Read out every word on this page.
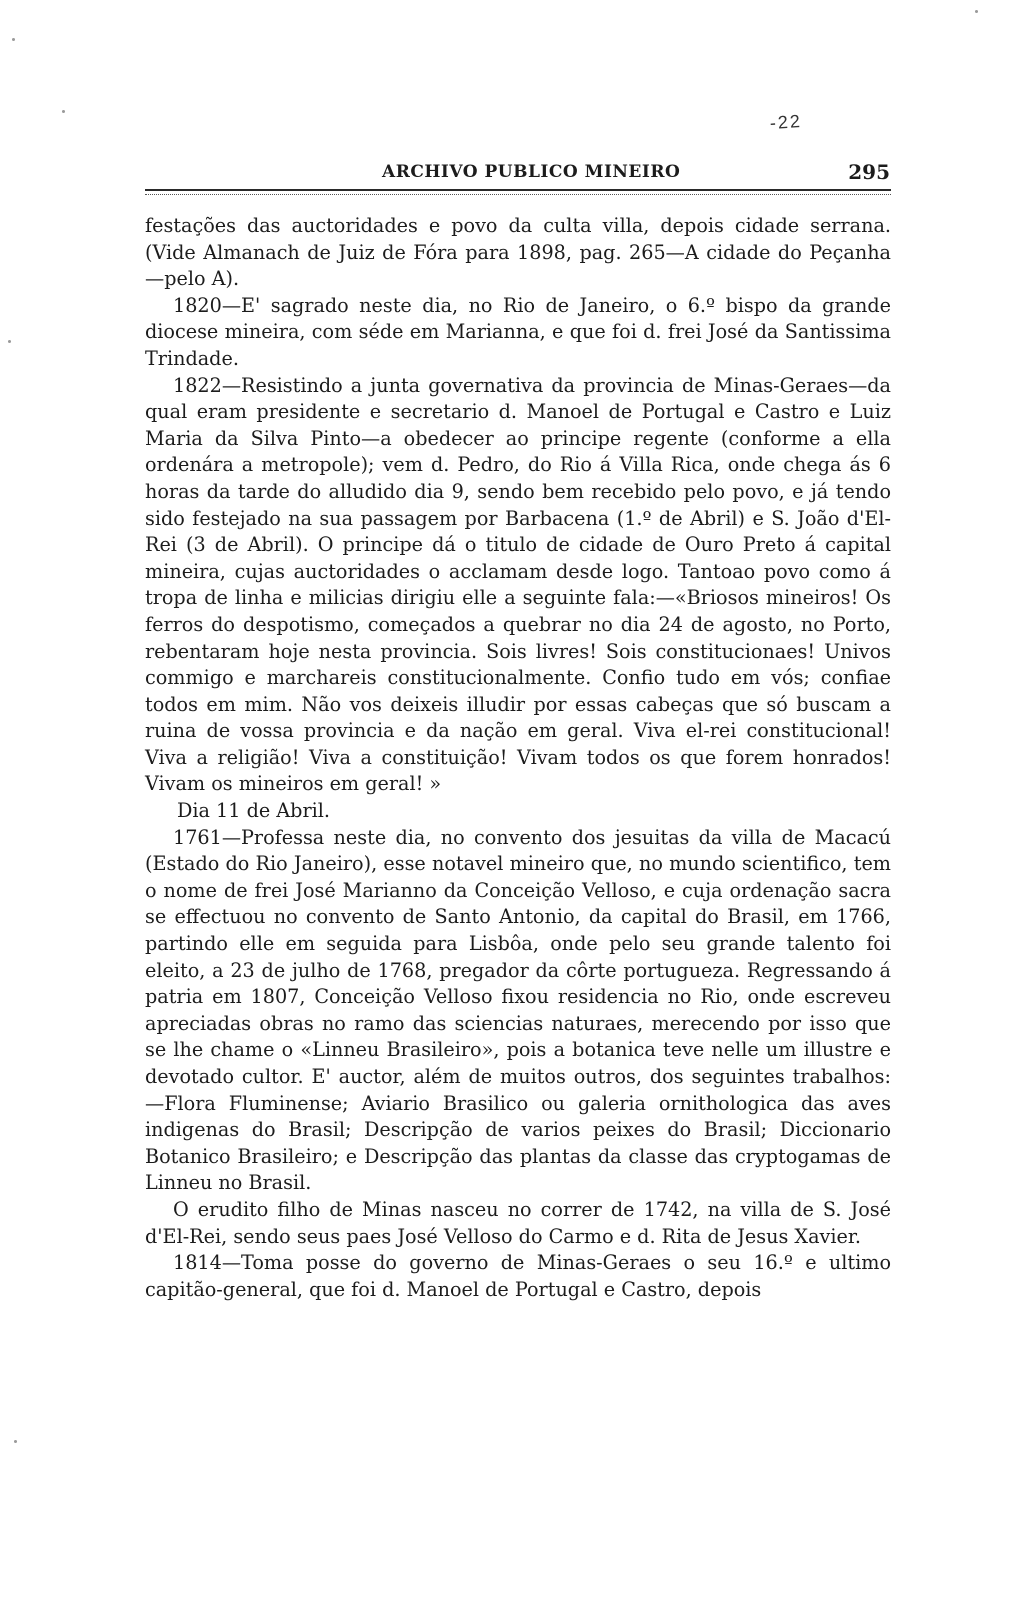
-22
ARCHIVO PUBLICO MINEIRO	295

festações das auctoridades e povo da culta villa, depois cidade serrana. (Vide Almanach de Juiz de Fóra para 1898, pag. 265—A cidade do Peçanha—pelo A).

1820—E' sagrado neste dia, no Rio de Janeiro, o 6.º bispo da grande diocese mineira, com séde em Marianna, e que foi d. frei José da Santissima Trindade.

1822—Resistindo a junta governativa da provincia de Minas-Geraes—da qual eram presidente e secretario d. Manoel de Portugal e Castro e Luiz Maria da Silva Pinto—a obedecer ao principe regente (conforme a ella ordenára a metropole); vem d. Pedro, do Rio á Villa Rica, onde chega ás 6 horas da tarde do alludido dia 9, sendo bem recebido pelo povo, e já tendo sido festejado na sua passagem por Barbacena (1.º de Abril) e S. João d'El-Rei (3 de Abril). O principe dá o titulo de cidade de Ouro Preto á capital mineira, cujas auctoridades o acclamam desde logo. Tantoao povo como á tropa de linha e milicias dirigiu elle a seguinte fala:—«Briosos mineiros! Os ferros do despotismo, começados a quebrar no dia 24 de agosto, no Porto, rebentaram hoje nesta provincia. Sois livres! Sois constitucionaes! Univos commigo e marchareis constitucionalmente. Confio tudo em vós; confiae todos em mim. Não vos deixeis illudir por essas cabeças que só buscam a ruina de vossa provincia e da nação em geral. Viva el-rei constitucional! Viva a religião! Viva a constituição! Vivam todos os que forem honrados! Vivam os mineiros em geral! »

Dia 11 de Abril.

1761—Professa neste dia, no convento dos jesuitas da villa de Macacú (Estado do Rio Janeiro), esse notavel mineiro que, no mundo scientifico, tem o nome de frei José Marianno da Conceição Velloso, e cuja ordenação sacra se effectuou no convento de Santo Antonio, da capital do Brasil, em 1766, partindo elle em seguida para Lisbôa, onde pelo seu grande talento foi eleito, a 23 de julho de 1768, pregador da côrte portugueza. Regressando á patria em 1807, Conceição Velloso fixou residencia no Rio, onde escreveu apreciadas obras no ramo das sciencias naturaes, merecendo por isso que se lhe chame o «Linneu Brasileiro», pois a botanica teve nelle um illustre e devotado cultor. E' auctor, além de muitos outros, dos seguintes trabalhos:—Flora Fluminense; Aviario Brasilico ou galeria ornithologica das aves indigenas do Brasil; Descripção de varios peixes do Brasil; Diccionario Botanico Brasileiro; e Descripção das plantas da classe das cryptogamas de Linneu no Brasil.

O erudito filho de Minas nasceu no correr de 1742, na villa de S. José d'El-Rei, sendo seus paes José Velloso do Carmo e d. Rita de Jesus Xavier.

1814—Toma posse do governo de Minas-Geraes o seu 16.º e ultimo capitão-general, que foi d. Manoel de Portugal e Castro, depois
